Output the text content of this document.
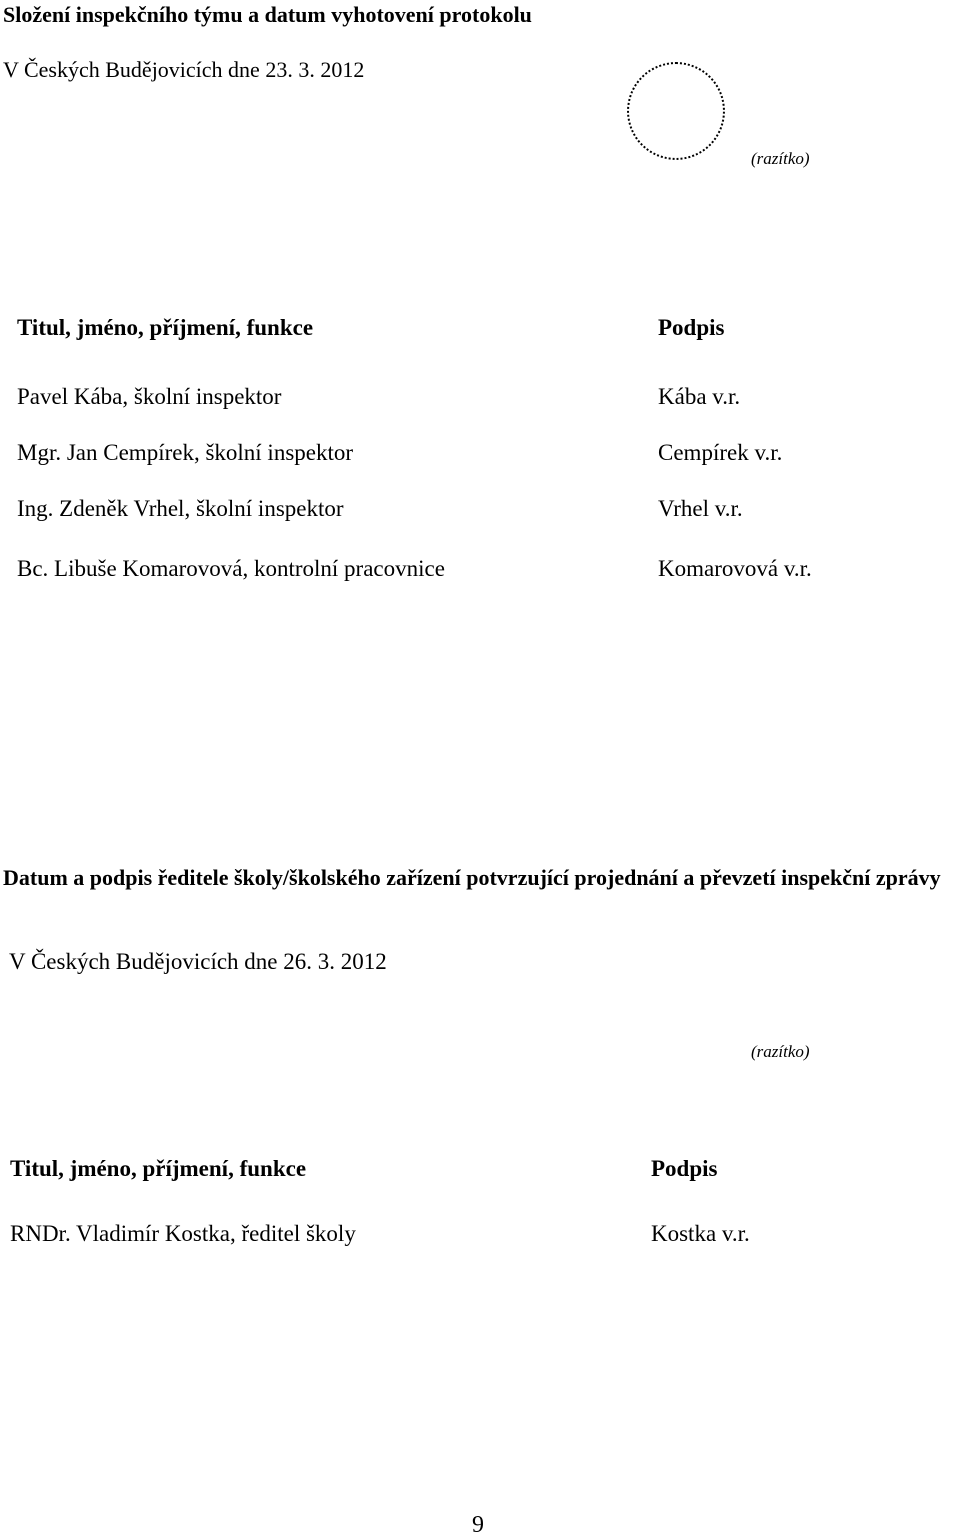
Složení inspekčního týmu a datum vyhotovení protokolu
V Českých Budějovicích dne 23. 3. 2012
(razítko)
Titul, jméno, příjmení, funkce	Podpis
Pavel Kába, školní inspektor	Kába v.r.
Mgr. Jan Cempírek, školní inspektor	Cempírek v.r.
Ing. Zdeněk Vrhel, školní inspektor	Vrhel v.r.
Bc. Libuše Komarovová, kontrolní pracovnice	Komarovová v.r.
Datum a podpis ředitele školy/školského zařízení potvrzující projednání a převzetí inspekční zprávy
V Českých Budějovicích dne 26. 3. 2012
(razítko)
Titul, jméno, příjmení, funkce	Podpis
RNDr. Vladimír Kostka, ředitel školy	Kostka v.r.
9
